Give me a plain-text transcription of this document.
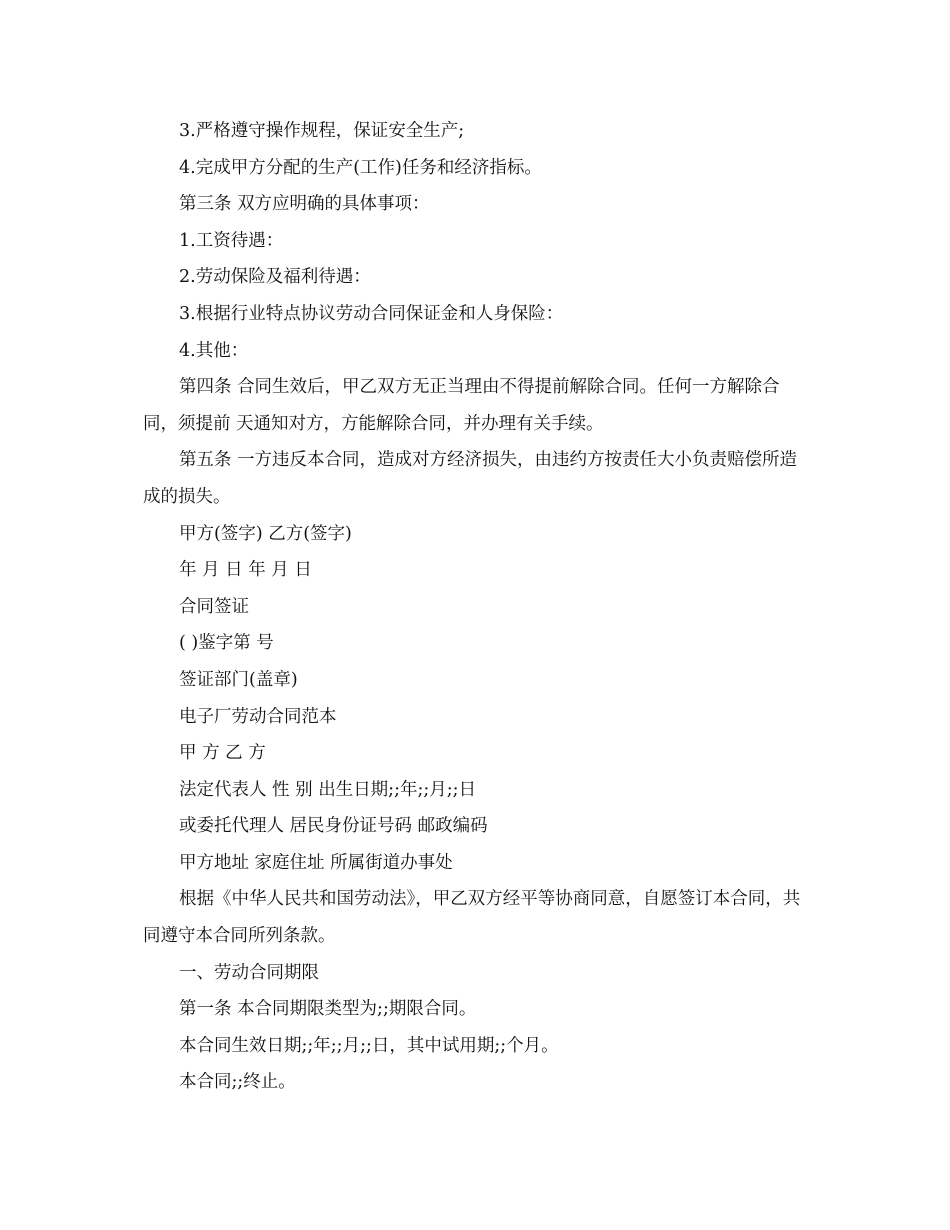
3.严格遵守操作规程，保证安全生产;

4.完成甲方分配的生产(工作)任务和经济指标。

第三条 双方应明确的具体事项：

1.工资待遇：

2.劳动保险及福利待遇：

3.根据行业特点协议劳动合同保证金和人身保险：

4.其他：

第四条 合同生效后，甲乙双方无正当理由不得提前解除合同。任何一方解除合同，须提前 天通知对方，方能解除合同，并办理有关手续。

第五条 一方违反本合同，造成对方经济损失，由违约方按责任大小负责赔偿所造成的损失。

甲方(签字) 乙方(签字)

年 月 日 年 月 日

合同签证

( )鉴字第 号

签证部门(盖章)

电子厂劳动合同范本

甲 方 乙 方

法定代表人 性 别 出生日期;;年;;月;;日

或委托代理人 居民身份证号码 邮政编码

甲方地址 家庭住址 所属街道办事处

根据《中华人民共和国劳动法》，甲乙双方经平等协商同意，自愿签订本合同，共同遵守本合同所列条款。

一、劳动合同期限

第一条 本合同期限类型为;;期限合同。

本合同生效日期;;年;;月;;日，其中试用期;;个月。

本合同;;终止。
